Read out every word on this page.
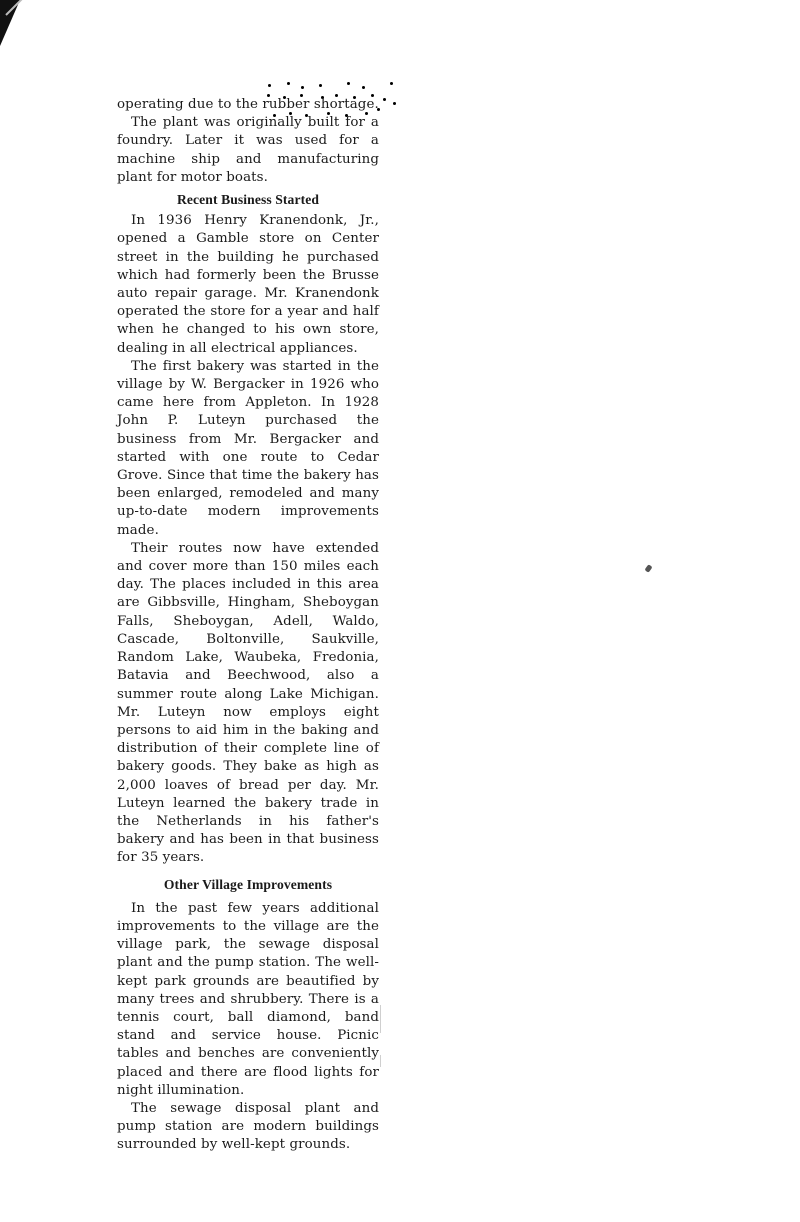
operating due to the rubber shortage.

The plant was originally built for a foundry. Later it was used for a machine ship and manufacturing plant for motor boats.

Recent Business Started

In 1936 Henry Kranendonk, Jr., opened a Gamble store on Center street in the building he purchased which had formerly been the Brusse auto repair garage. Mr. Kranendonk operated the store for a year and half when he changed to his own store, dealing in all electrical appliances.

The first bakery was started in the village by W. Bergacker in 1926 who came here from Appleton. In 1928 John P. Luteyn purchased the business from Mr. Bergacker and started with one route to Cedar Grove. Since that time the bakery has been enlarged, remodeled and many up-to-date modern improvements made.

Their routes now have extended and cover more than 150 miles each day. The places included in this area are Gibbsville, Hingham, Sheboygan Falls, Sheboygan, Adell, Waldo, Cascade, Boltonville, Saukville, Random Lake, Waubeka, Fredonia, Batavia and Beechwood, also a summer route along Lake Michigan. Mr. Luteyn now employs eight persons to aid him in the baking and distribution of their complete line of bakery goods. They bake as high as 2,000 loaves of bread per day. Mr. Luteyn learned the bakery trade in the Netherlands in his father's bakery and has been in that business for 35 years.

Other Village Improvements

In the past few years additional improvements to the village are the village park, the sewage disposal plant and the pump station. The well-kept park grounds are beautified by many trees and shrubbery. There is a tennis court, ball diamond, band stand and service house. Picnic tables and benches are conveniently placed and there are flood lights for night illumination.

The sewage disposal plant and pump station are modern buildings surrounded by well-kept grounds.
